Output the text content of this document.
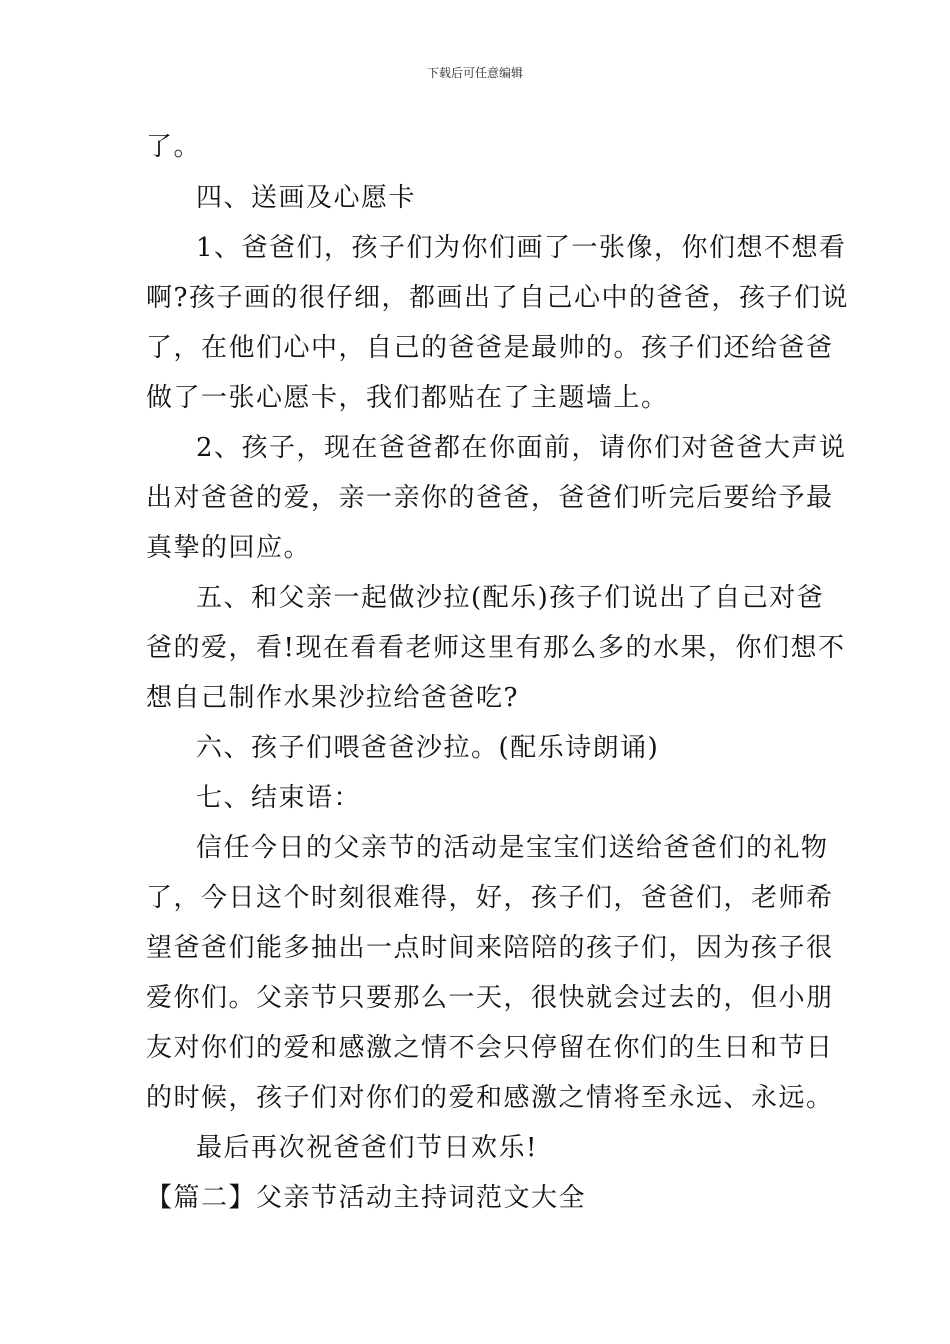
下载后可任意编辑
了。
四、送画及心愿卡
1、爸爸们，孩子们为你们画了一张像，你们想不想看
啊?孩子画的很仔细，都画出了自己心中的爸爸，孩子们说
了，在他们心中，自己的爸爸是最帅的。孩子们还给爸爸
做了一张心愿卡，我们都贴在了主题墙上。
2、孩子，现在爸爸都在你面前，请你们对爸爸大声说
出对爸爸的爱，亲一亲你的爸爸，爸爸们听完后要给予最
真挚的回应。
五、和父亲一起做沙拉(配乐)孩子们说出了自己对爸
爸的爱，看!现在看看老师这里有那么多的水果，你们想不
想自己制作水果沙拉给爸爸吃?
六、孩子们喂爸爸沙拉。(配乐诗朗诵)
七、结束语：
信任今日的父亲节的活动是宝宝们送给爸爸们的礼物
了，今日这个时刻很难得，好，孩子们，爸爸们，老师希
望爸爸们能多抽出一点时间来陪陪的孩子们，因为孩子很
爱你们。父亲节只要那么一天，很快就会过去的，但小朋
友对你们的爱和感激之情不会只停留在你们的生日和节日
的时候，孩子们对你们的爱和感激之情将至永远、永远。
最后再次祝爸爸们节日欢乐!
【篇二】父亲节活动主持词范文大全
